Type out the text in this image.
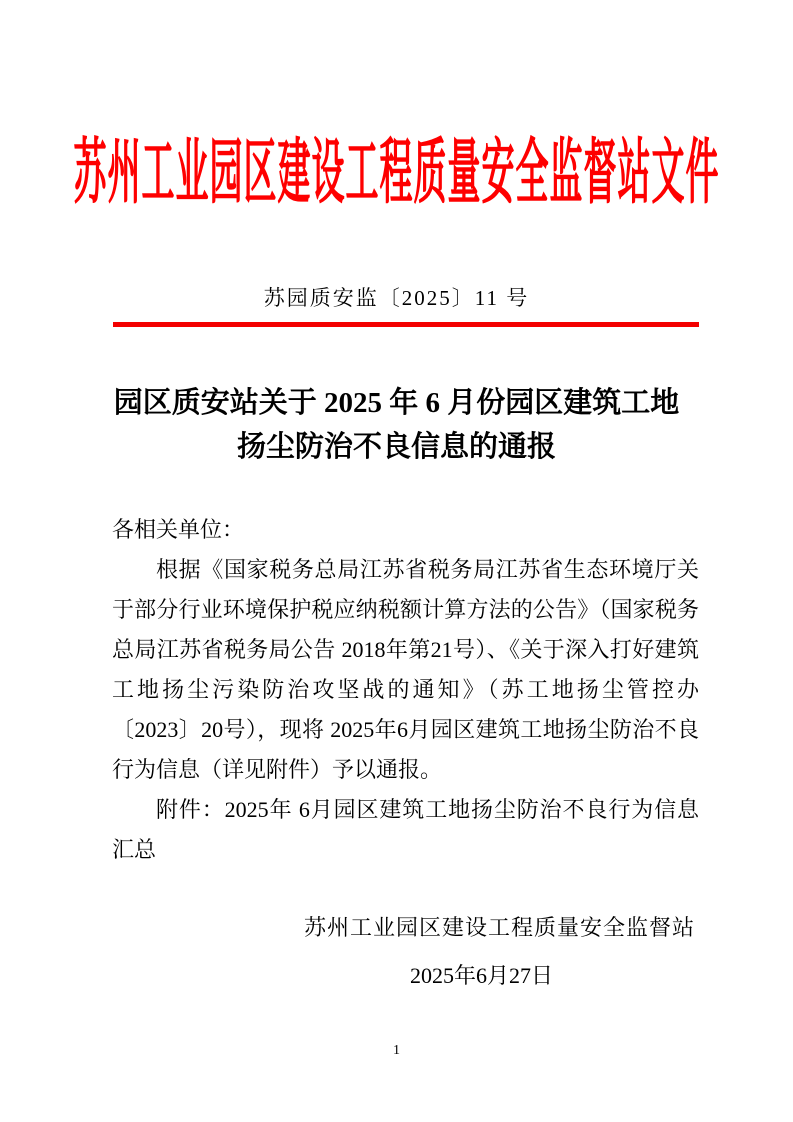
苏州工业园区建设工程质量安全监督站文件
苏园质安监〔2025〕11 号
园区质安站关于 2025 年 6 月份园区建筑工地
扬尘防治不良信息的通报

各相关单位：

根据《国家税务总局江苏省税务局江苏省生态环境厅关于部分行业环境保护税应纳税额计算方法的公告》（国家税务总局江苏省税务局公告 2018年第21号）、《关于深入打好建筑工地扬尘污染防治攻坚战的通知》（苏工地扬尘管控办〔2023〕20号），现将 2025年6月园区建筑工地扬尘防治不良行为信息（详见附件）予以通报。

附件：2025年 6月园区建筑工地扬尘防治不良行为信息汇总

苏州工业园区建设工程质量安全监督站
2025年6月27日
1
